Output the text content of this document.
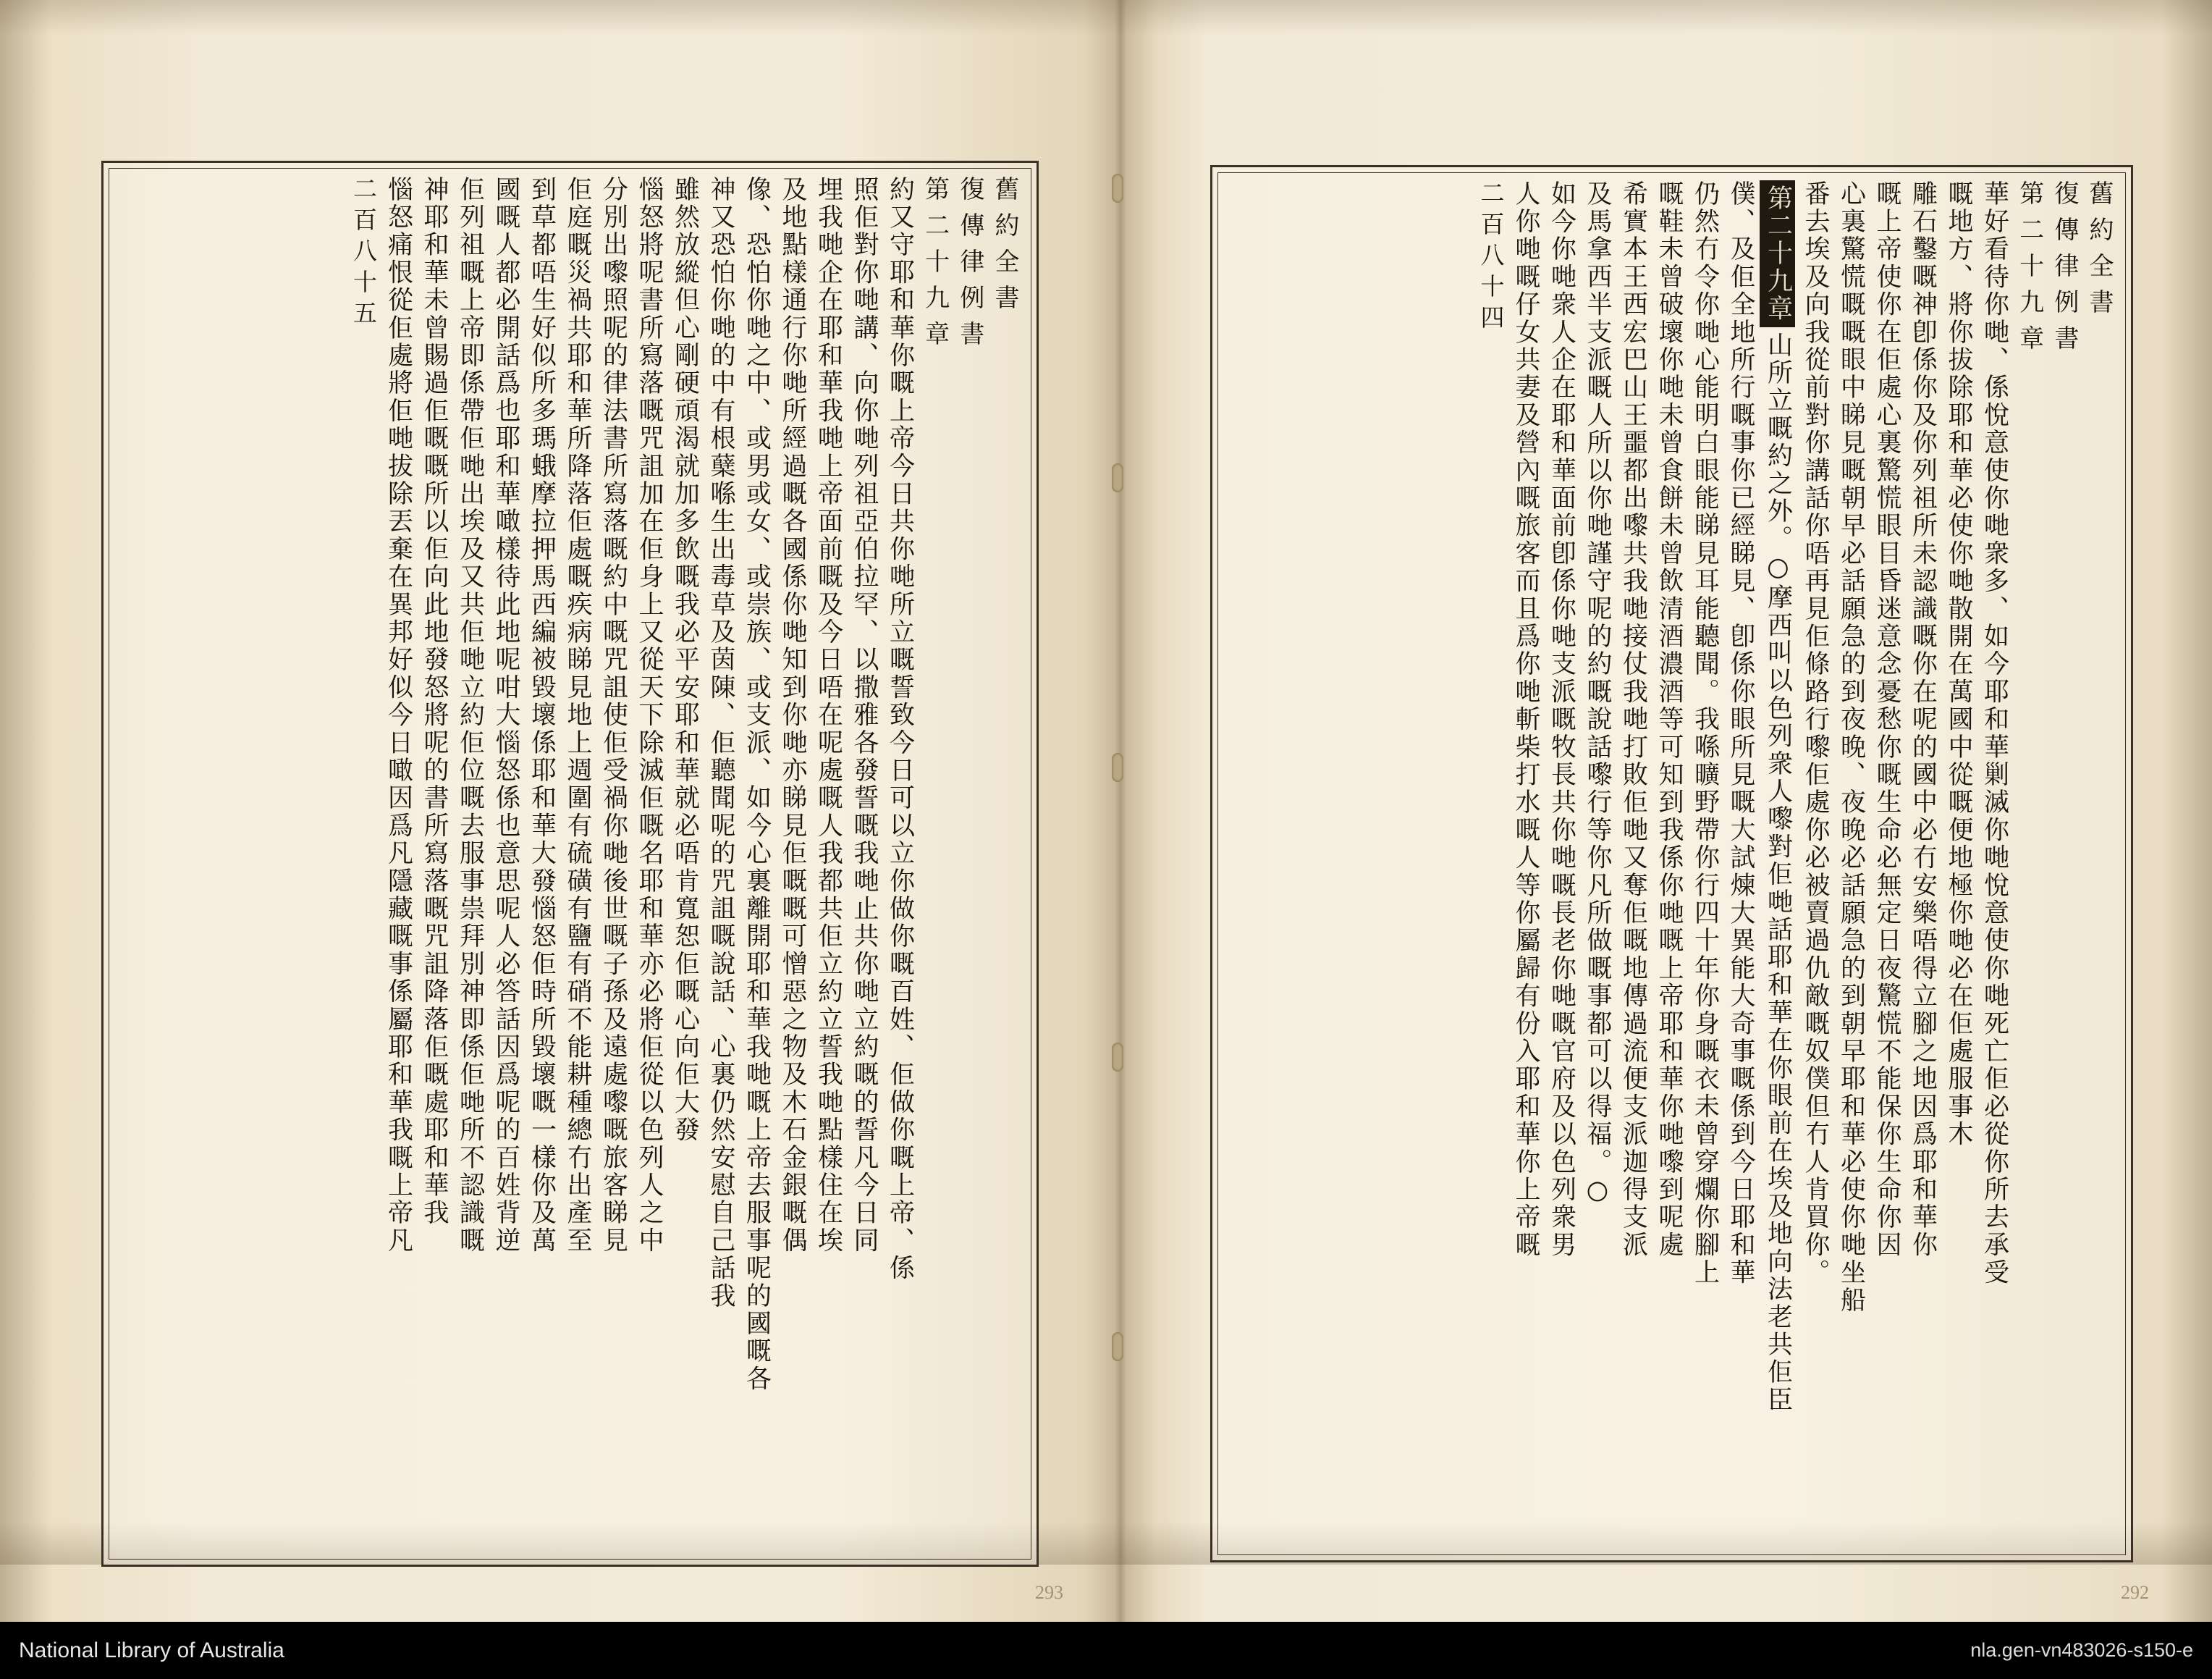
舊約全書
復傳律例書
第二十九章
約又守耶和華你嘅上帝今日共你哋所立嘅誓致今日可以立你做你嘅百姓、佢做你嘅上帝、係
照佢對你哋講、向你哋列祖亞伯拉罕、以撒雅各發誓嘅我哋止共你哋立約嘅的誓凡今日同
埋我哋企在耶和華我哋上帝面前嘅及今日唔在呢處嘅人我都共佢立約立誓我哋點樣住在埃
及地點樣通行你哋所經過嘅各國係你哋知到你哋亦睇見佢嘅嘅可憎惡之物及木石金銀嘅偶
像、恐怕你哋之中、或男或女、或崇族、或支派、如今心裏離開耶和華我哋嘅上帝去服事呢的國嘅各
神又恐怕你哋的中有根蘖喺生出毒草及茵陳、佢聽聞呢的咒詛嘅說話、心裏仍然安慰自己話我
雖然放縱但心剛硬頑渴就加多飲嘅我必平安耶和華就必唔肯寬恕佢嘅心向佢大發
惱怒將呢書所寫落嘅咒詛加在佢身上又從天下除滅佢嘅名耶和華亦必將佢從以色列人之中
分別出嚟照呢的律法書所寫落嘅約中嘅咒詛使佢受禍你哋後世嘅子孫及遠處嚟嘅旅客睇見
佢庭嘅災禍共耶和華所降落佢處嘅疾病睇見地上週圍有硫磺有鹽有硝不能耕種總冇出產至
到草都唔生好似所多瑪蛾摩拉押馬西編被毀壞係耶和華大發惱怒佢時所毀壞嘅一樣你及萬
國嘅人都必開話爲也耶和華噉樣待此地呢咁大惱怒係也意思呢人必答話因爲呢的百姓背逆
佢列祖嘅上帝即係帶佢哋出埃及又共佢哋立約佢位嘅去服事祟拜別神即係佢哋所不認識嘅
神耶和華未曾賜過佢嘅嘅所以佢向此地發怒將呢的書所寫落嘅咒詛降落佢嘅處耶和華我
惱怒痛恨從佢處將佢哋拔除丟棄在異邦好似今日噉因爲凡隱藏嘅事係屬耶和華我嘅上帝凡
二百八十五	舊約全書
復傳律例書
第二十九章
華好看待你哋、係悅意使你哋衆多、如今耶和華剿滅你哋悅意使你哋死亡佢必從你所去承受
嘅地方、將你拔除耶和華必使你哋散開在萬國中從嘅便地極你哋必在佢處服事木
雕石鑿嘅神卽係你及你列祖所未認識嘅你在呢的國中必冇安樂唔得立腳之地因爲耶和華你
嘅上帝使你在佢處心裏驚慌眼目昏迷意念憂愁你嘅生命必無定日夜驚慌不能保你生命你因
心裏驚慌嘅嘅眼中睇見嘅朝早必話願急的到夜晚、夜晚必話願急的到朝早耶和華必使你哋坐船
番去埃及向我從前對你講話你唔再見佢條路行嚟佢處你必被賣過仇敵嘅奴僕但冇人肯買你。
第二十九章山所立嘅約之外。○摩西叫以色列衆人嚟對佢哋話耶和華在你眼前在埃及地向法老共佢臣
僕、及佢全地所行嘅事你已經睇見、卽係你眼所見嘅大試煉大異能大奇事嘅係到今日耶和華
仍然冇令你哋心能明白眼能睇見耳能聽聞。我喺曠野帶你行四十年你身嘅衣未曾穿爛你腳上
嘅鞋未曾破壞你哋未曾食餅未曾飲清酒濃酒等可知到我係你哋嘅上帝耶和華你哋嚟到呢處
希實本王西宏巴山王噩都出嚟共我哋接仗我哋打敗佢哋又奪佢嘅地傳過流便支派迦得支派
及馬拿西半支派嘅人所以你哋謹守呢的約嘅說話嚟行等你凡所做嘅事都可以得福。○
如今你哋衆人企在耶和華面前卽係你哋支派嘅牧長共你哋嘅長老你哋嘅官府及以色列衆男
人你哋嘅仔女共妻及營內嘅旅客而且爲你哋斬柴打水嘅人等你屬歸有份入耶和華你上帝嘅
二百八十四
293	292
National Library of Australia	nla.gen-vn483026-s150-e
